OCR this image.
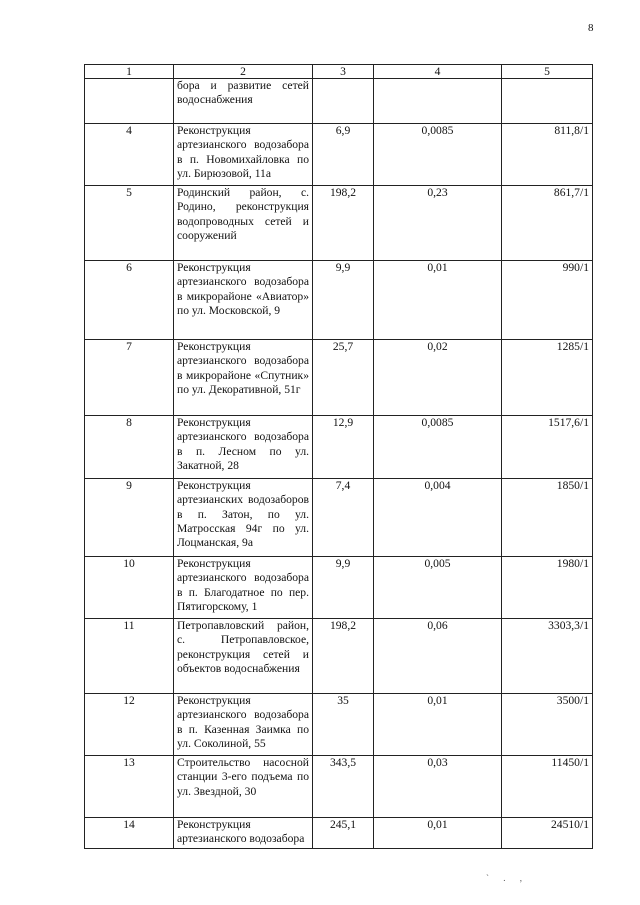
8
1	2	3	4	5
	бора и развитие сетей водоснабжения			
4	Реконструкция артезианского водозабора в п. Новомихайловка по ул. Бирюзовой, 11а	6,9	0,0085	811,8/1
5	Родинский район, с. Родино, реконструкция водопроводных сетей и сооружений	198,2	0,23	861,7/1
6	Реконструкция артезианского водозабора в микрорайоне «Авиатор» по ул. Московской, 9	9,9	0,01	990/1
7	Реконструкция артезианского водозабора в микрорайоне «Спутник» по ул. Декоративной, 51г	25,7	0,02	1285/1
8	Реконструкция артезианского водозабора в п. Лесном по ул. Закатной, 28	12,9	0,0085	1517,6/1
9	Реконструкция артезианских водозаборов в п. Затон, по ул. Матросская 94г по ул. Лоцманская, 9а	7,4	0,004	1850/1
10	Реконструкция артезианского водозабора в п. Благодатное по пер. Пятигорскому, 1	9,9	0,005	1980/1
11	Петропавловский район, с. Петропавловское, реконструкция сетей и объектов водоснабжения	198,2	0,06	3303,3/1
12	Реконструкция артезианского водозабора в п. Казенная Заимка по ул. Соколиной, 55	35	0,01	3500/1
13	Строительство насосной станции 3-его подъема по ул. Звездной, 30	343,5	0,03	11450/1
14	Реконструкция артезианского водозабора	245,1	0,01	24510/1
` . ,
